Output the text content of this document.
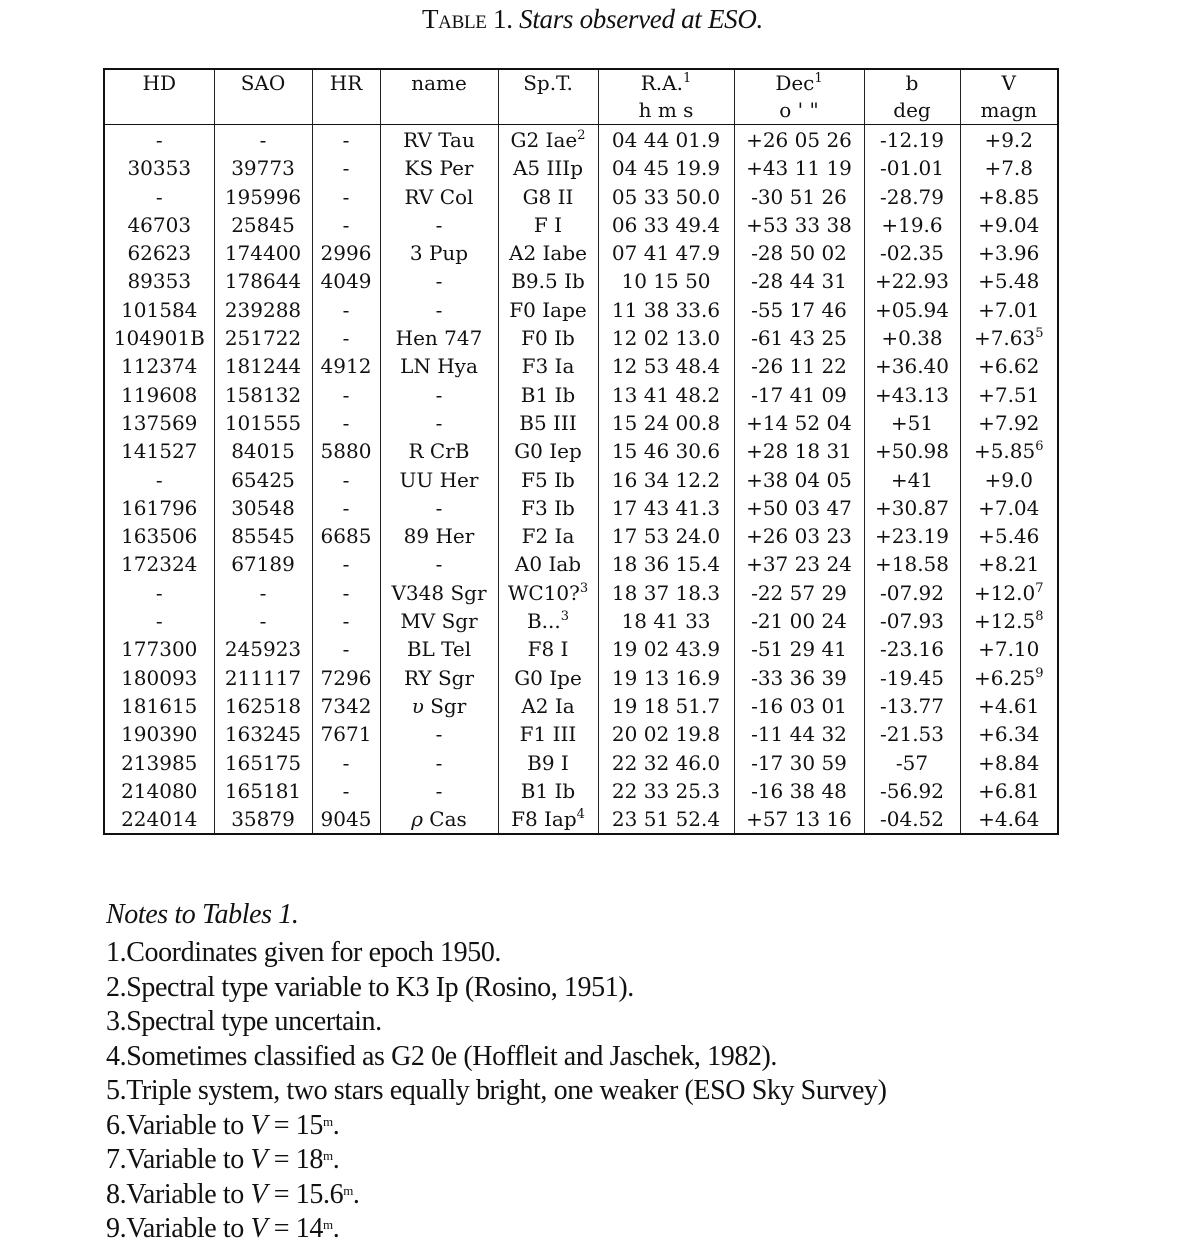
Table 1. Stars observed at ESO.
HD	SAO	HR	name	Sp.T.	R.A.$^1$	Dec$^1$	b	V
					h m s	o ' "	deg	magn
-	-	-	RV Tau	G2 Iae$^2$	04 44 01.9	+26 05 26	-12.19	+9.2
30353	39773	-	KS Per	A5 IIIp	04 45 19.9	+43 11 19	-01.01	+7.8
-	195996	-	RV Col	G8 II	05 33 50.0	-30 51 26	-28.79	+8.85
46703	25845	-	-	F I	06 33 49.4	+53 33 38	+19.6	+9.04
62623	174400	2996	3 Pup	A2 Iabe	07 41 47.9	-28 50 02	-02.35	+3.96
89353	178644	4049	-	B9.5 Ib	10 15 50	-28 44 31	+22.93	+5.48
101584	239288	-	-	F0 Iape	11 38 33.6	-55 17 46	+05.94	+7.01
104901B	251722	-	Hen 747	F0 Ib	12 02 13.0	-61 43 25	+0.38	$+7.63^5$
112374	181244	4912	LN Hya	F3 Ia	12 53 48.4	-26 11 22	+36.40	+6.62
119608	158132	-	-	B1 Ib	13 41 48.2	-17 41 09	+43.13	+7.51
137569	101555	-	-	B5 III	15 24 00.8	+14 52 04	+51	+7.92
141527	84015	5880	R CrB	G0 Iep	15 46 30.6	+28 18 31	+50.98	$+5.85^6$
-	65425	-	UU Her	F5 Ib	16 34 12.2	+38 04 05	+41	+9.0
161796	30548	-	-	F3 Ib	17 43 41.3	+50 03 47	+30.87	+7.04
163506	85545	6685	89 Her	F2 Ia	17 53 24.0	+26 03 23	+23.19	+5.46
172324	67189	-	-	A0 Iab	18 36 15.4	+37 23 24	+18.58	+8.21
-	-	-	V348 Sgr	WC10?$^3$	18 37 18.3	-22 57 29	-07.92	$+12.0^7$
-	-	-	MV Sgr	B...$^3$	18 41 33	-21 00 24	-07.93	$+12.5^8$
177300	245923	-	BL Tel	F8 I	19 02 43.9	-51 29 41	-23.16	+7.10
180093	211117	7296	RY Sgr	G0 Ipe	19 13 16.9	-33 36 39	-19.45	$+6.25^9$
181615	162518	7342	υ Sgr	A2 Ia	19 18 51.7	-16 03 01	-13.77	+4.61
190390	163245	7671	-	F1 III	20 02 19.8	-11 44 32	-21.53	+6.34
213985	165175	-	-	B9 I	22 32 46.0	-17 30 59	-57	+8.84
214080	165181	-	-	B1 Ib	22 33 25.3	-16 38 48	-56.92	+6.81
224014	35879	9045	ρ Cas	F8 Iap$^4$	23 51 52.4	+57 13 16	-04.52	+4.64
Notes to Tables 1.
1.Coordinates given for epoch 1950.
2.Spectral type variable to K3 Ip (Rosino, 1951).
3.Spectral type uncertain.
4.Sometimes classified as G2 0e (Hoffleit and Jaschek, 1982).
5.Triple system, two stars equally bright, one weaker (ESO Sky Survey)
6.Variable to $V = 15^m$.
7.Variable to $V = 18^m$.
8.Variable to $V = 15.6^m$.
9.Variable to $V = 14^m$.
